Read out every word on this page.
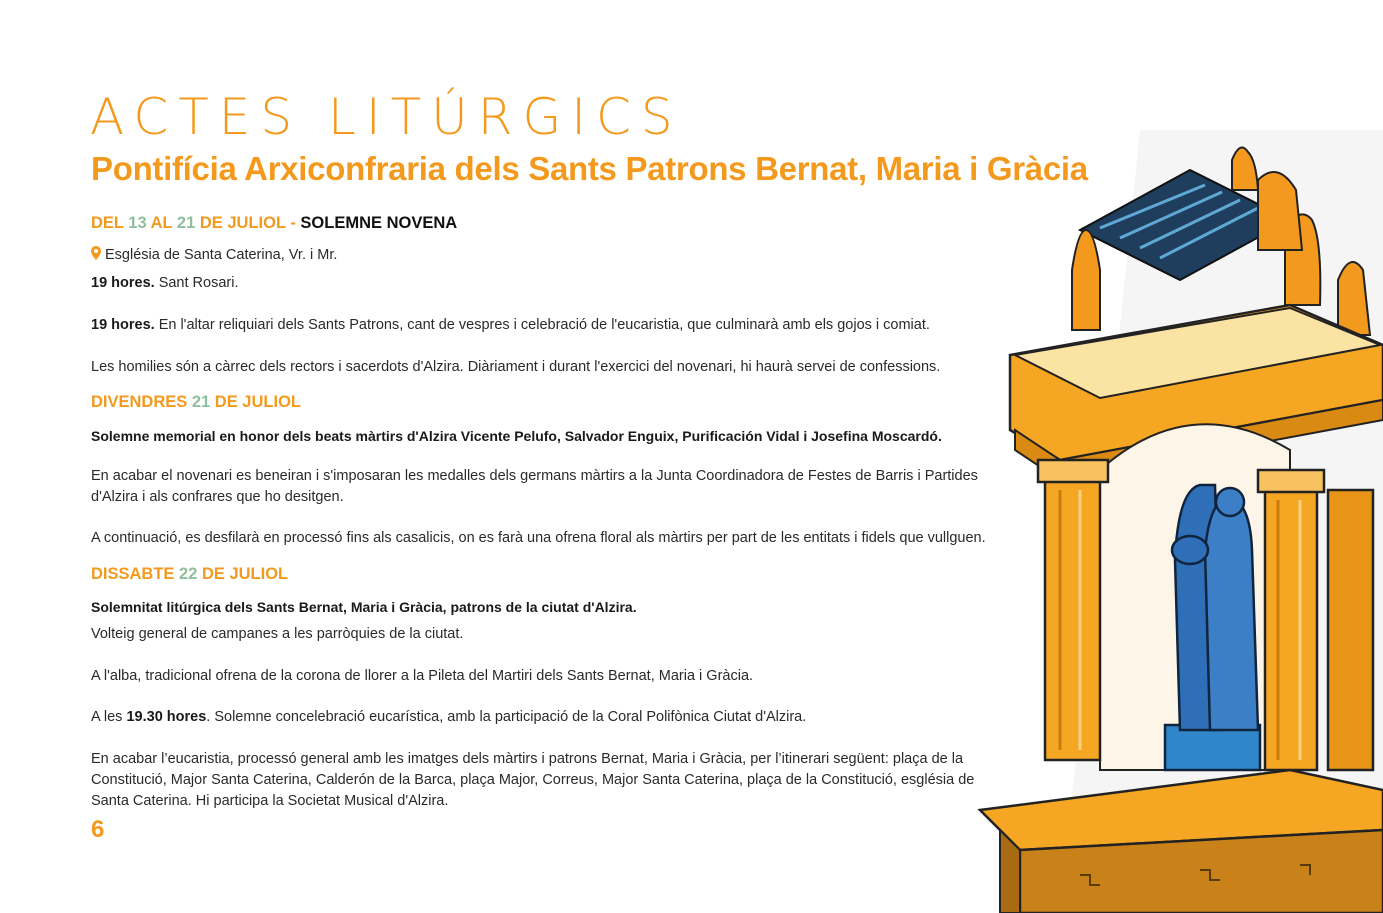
ACTES LITÚRGICS
Pontifícia Arxiconfraria dels Sants Patrons Bernat, Maria i Gràcia

DEL 13 AL 21 DE JULIOL - SOLEMNE NOVENA

Església de Santa Caterina, Vr. i Mr.

19 hores. Sant Rosari.

19 hores. En l'altar reliquiari dels Sants Patrons, cant de vespres i celebració de l'eucaristia, que culminarà amb els gojos i comiat.

Les homilies són a càrrec dels rectors i sacerdots d'Alzira. Diàriament i durant l'exercici del novenari, hi haurà servei de confessions.

DIVENDRES 21 DE JULIOL

Solemne memorial en honor dels beats màrtirs d'Alzira Vicente Pelufo, Salvador Enguix, Purificación Vidal i Josefina Moscardó.

En acabar el novenari es beneiran i s'imposaran les medalles dels germans màrtirs a la Junta Coordinadora de Festes de Barris i Partides d'Alzira i als confrares que ho desitgen.

A continuació, es desfilarà en processó fins als casalicis, on es farà una ofrena floral als màrtirs per part de les entitats i fidels que vullguen.

DISSABTE 22 DE JULIOL

Solemnitat litúrgica dels Sants Bernat, Maria i Gràcia, patrons de la ciutat d'Alzira.

Volteig general de campanes a les parròquies de la ciutat.

A l'alba, tradicional ofrena de la corona de llorer a la Pileta del Martiri dels Sants Bernat, Maria i Gràcia.

A les 19.30 hores. Solemne concelebració eucarística, amb la participació de la Coral Polifònica Ciutat d'Alzira.

En acabar l’eucaristia, processó general amb les imatges dels màrtirs i patrons Bernat, Maria i Gràcia, per l’itinerari següent: plaça de la Constitució, Major Santa Caterina, Calderón de la Barca, plaça Major, Correus, Major Santa Caterina, plaça de la Constitució, església de Santa Caterina. Hi participa la Societat Musical d'Alzira.

6
